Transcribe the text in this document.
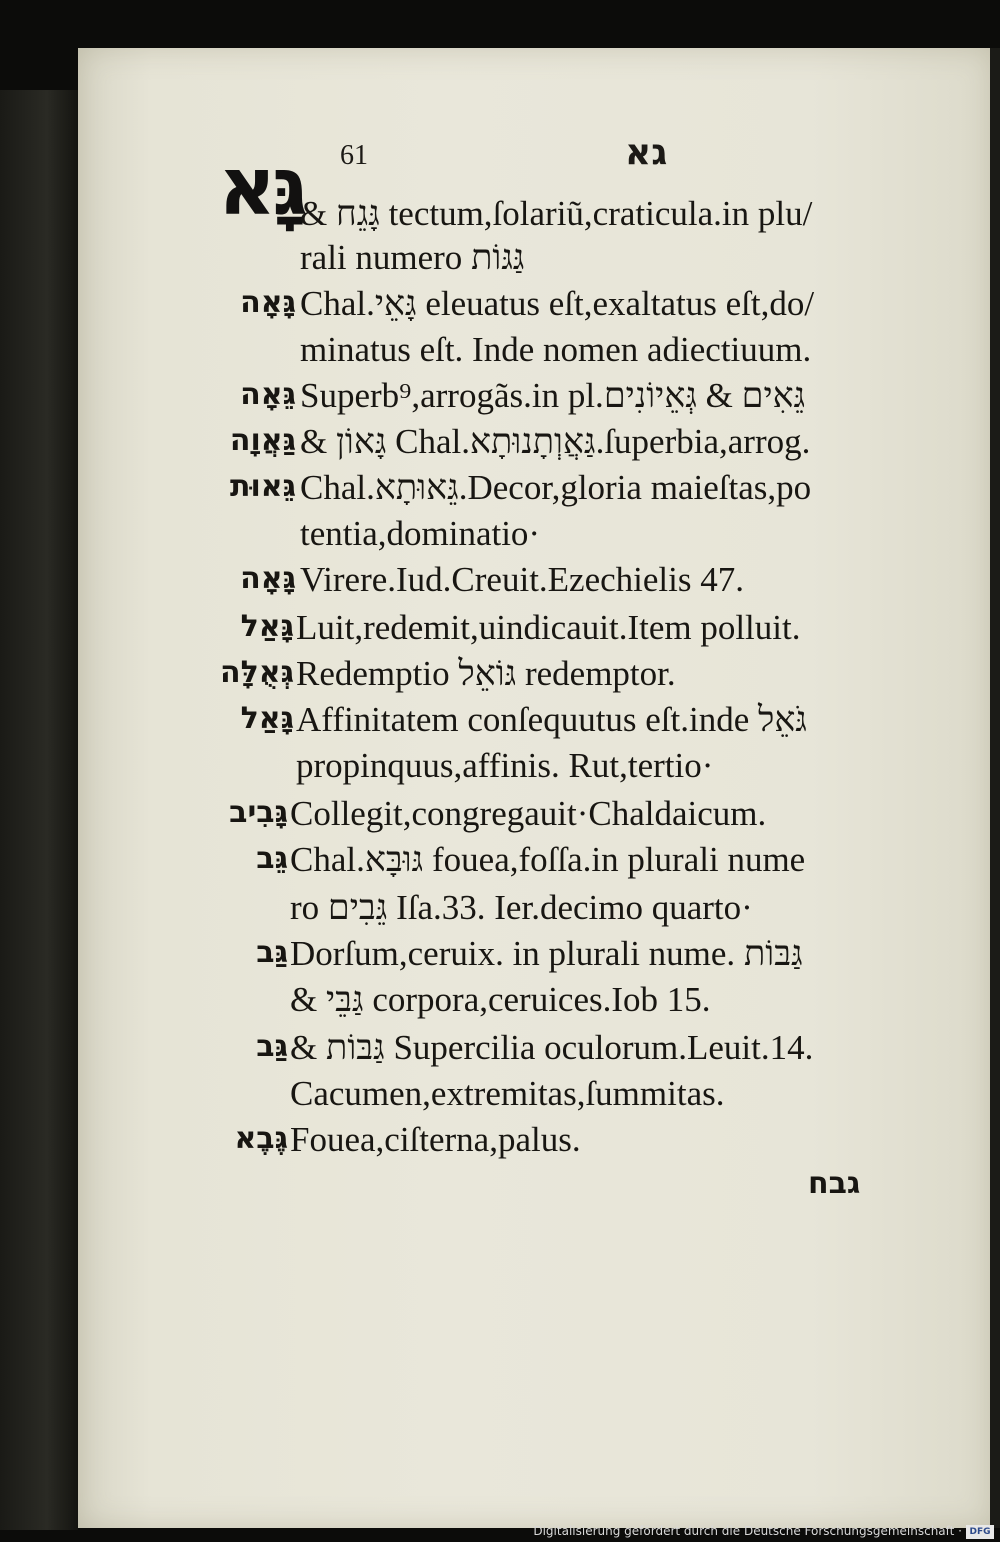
גָּא 61	גא
& גָּגֵח tectum,ſolariũ,craticula.in plu/
rali numero גַּגּוֹת
גָּאָה Chal.גָּאֵי eleuatus eſt,exaltatus eſt,do/
minatus eſt. Inde nomen adiectiuum.
גֵּאָה Superb⁹,arrogãs.in pl.גֵּאִים & גְּאֵיוֹנִים
גַּאֲוָה & גָּאוֹן Chal.גַּאֲוְתָנוּתָא.ſuperbia,arrog.
גֵּאוּת Chal.גֵּאוּתָא.Decor,gloria maieſtas,po
tentia,dominatio·
גָּאָה Virere.Iud.Creuit.Ezechielis 47.
גָּאַל Luit,redemit,uindicauit.Item polluit.
גְּאֻלָּה Redemptio גּוֹאֵל redemptor.
גָּאַל Affinitatem conſequutus eſt.inde גֹּאֵל
propinquus,affinis. Rut,tertio·
גָּבִיב Collegit,congregauit·Chaldaicum.
גֵּב Chal.גּוּבָּא fouea,foſſa.in plurali nume
ro גֵּבִים Iſa.33. Ier.decimo quarto·
גַּב Dorſum,ceruix. in plurali nume. גַּבּוֹת
& גַּבֵּי corpora,ceruices.Iob 15.
גַּב & גַּבּוֹת Supercilia oculorum.Leuit.14.
Cacumen,extremitas,ſummitas.
גֶּבֶא Fouea,ciſterna,palus.
גבח
Digitalisierung gefördert durch die Deutsche Forschungsgemeinschaft · DFG
